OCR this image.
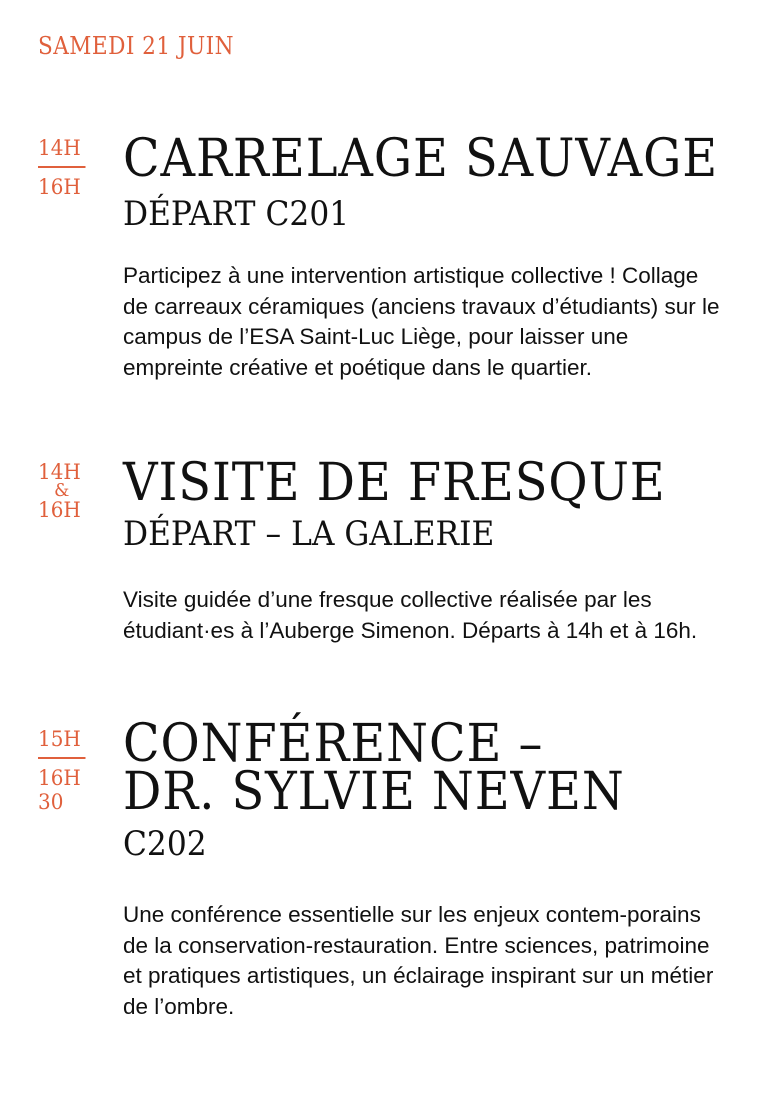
SAMEDI 21 JUIN
14H
16H CARRELAGE SAUVAGE
DÉPART C201

Participez à une intervention artistique collective ! Collage de carreaux céramiques (anciens travaux d’étudiants) sur le campus de l’ESA Saint-Luc Liège, pour laisser une empreinte créative et poétique dans le quartier.

14H
&
16H VISITE DE FRESQUE
DÉPART – LA GALERIE

Visite guidée d’une fresque collective réalisée par les étudiant·es à l’Auberge Simenon. Départs à 14h et à 16h.

15H
16H
30
CONFÉRENCE –
DR. SYLVIE NEVEN
C202

Une conférence essentielle sur les enjeux contem-porains de la conservation-restauration. Entre sciences, patrimoine et pratiques artistiques, un éclairage inspirant sur un métier de l’ombre.
